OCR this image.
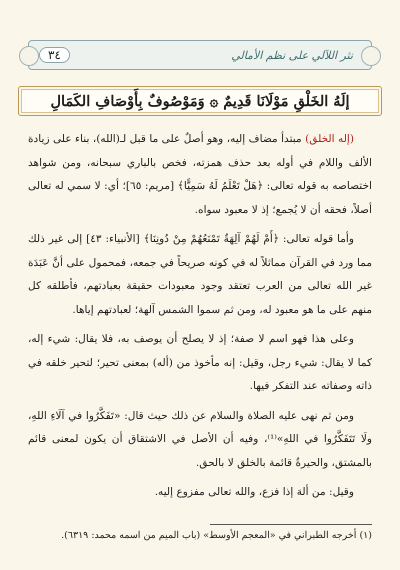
٣٤	نثر اللآلي على نظم الأمالي
إلَهُ الخَلْقِ مَوْلَانَا قَدِيمٌ ۞ وَمَوْصُوفٌ بِأَوْصَافِ الكَمَالِ

(إله الخلق) مبتدأ مضاف إليه، وهو أصلٌ على ما قبل لـ(الله)، بناء على زيادة الألف واللام في أوله بعد حذف همزته، فخص بالباري سبحانه، ومن شواهد اختصاصه به قوله تعالى: ﴿هَلْ تَعْلَمُ لَهُ سَمِيًّا﴾ [مريم: ٦٥]؛ أي: لا سمي له تعالى أصلاً، فحقه أن لا يُجمع؛ إذ لا معبود سواه.

وأما قوله تعالى: ﴿أَمْ لَهُمْ آلِهَةٌ تَمْنَعُهُمْ مِنْ دُونِنَا﴾ [الأنبياء: ٤٣] إلى غير ذلك مما ورد في القرآن مماثلاً له في كونه صريحاً في جمعه، فمحمول على أنَّ عَبَدَة غير الله تعالى من العرب تعتقد وجود معبودات حقيقة بعبادتهم، فأطلقه كل منهم على ما هو معبود له، ومن ثم سموا الشمس آلهة؛ لعبادتهم إياها.

وعلى هذا فهو اسم لا صفة؛ إذ لا يصلح أن يوصف به، فلا يقال: شيء إله، كما لا يقال: شيء رجل، وقيل: إنه مأخوذ من (أله) بمعنى تحير؛ لتحير خلقه في ذاته وصفاته عند التفكر فيها.

ومن ثم نهى عليه الصلاة والسلام عن ذلك حيث قال: «تَفَكَّرُوا في آلَاءِ اللهِ، ولَا تَتَفَكَّرُوا في اللهِ»⁽¹⁾، وفيه أن الأصل في الاشتقاق أن يكون لمعنى قائم بالمشتق، والحيرةُ قائمة بالخلق لا بالحق.

وقيل: من ألهَ إذا فزع، والله تعالى مفزوع إليه.

(١) أخرجه الطبراني في «المعجم الأوسط» (باب الميم من اسمه محمد: ٦٣١٩).
